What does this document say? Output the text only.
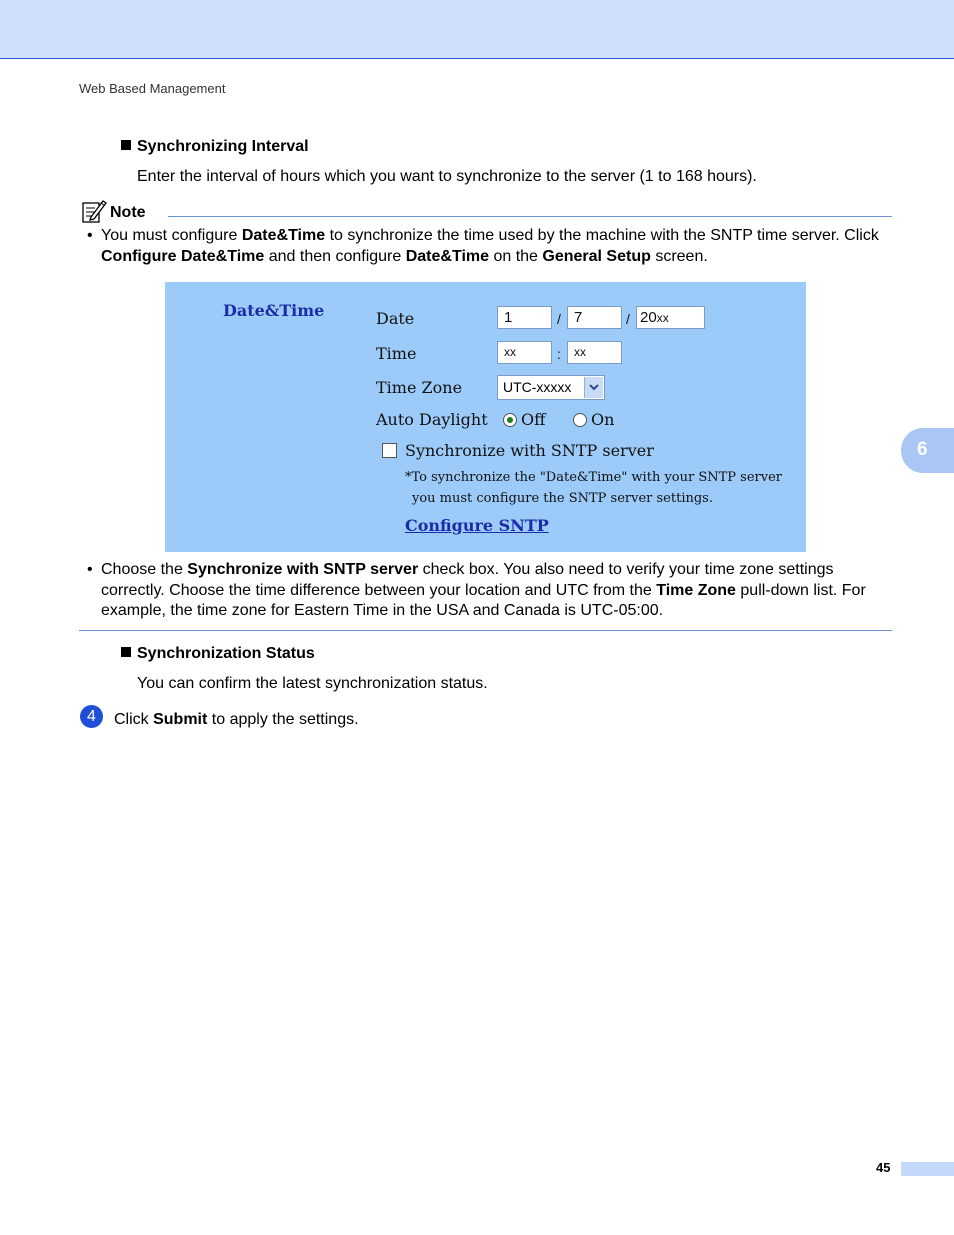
Web Based Management
6
Synchronizing Interval
Enter the interval of hours which you want to synchronize to the server (1 to 168 hours).
Note
• You must configure Date&Time to synchronize the time used by the machine with the SNTP time server. Click Configure Date&Time and then configure Date&Time on the General Setup screen.
Date&Time	Date	1	/ 7	/ 20xx
Time	xx	:	xx
Time Zone	UTC-xxxxx
Auto Daylight Off	On
Synchronize with SNTP server
*To synchronize the "Date&Time" with your SNTP server
you must configure the SNTP server settings.
Configure SNTP
• Choose the Synchronize with SNTP server check box. You also need to verify your time zone settings correctly. Choose the time difference between your location and UTC from the Time Zone pull-down list. For example, the time zone for Eastern Time in the USA and Canada is UTC-05:00.
Synchronization Status
You can confirm the latest synchronization status.
4	Click Submit to apply the settings.
45
